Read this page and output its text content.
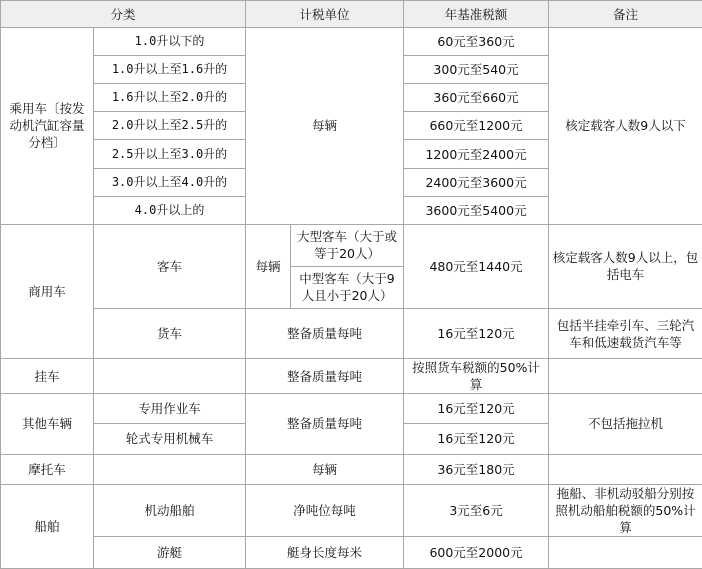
分类		计税单位		年基准税额	备注
乘用车〔按发动机汽缸容量分档〕	1.0升以下的	每辆		60元至360元	核定载客人数9人以下
	1.0升以上至1.6升的			300元至540元	
	1.6升以上至2.0升的			360元至660元	
	2.0升以上至2.5升的			660元至1200元	
	2.5升以上至3.0升的			1200元至2400元	
	3.0升以上至4.0升的			2400元至3600元	
	4.0升以上的			3600元至5400元	
商用车	客车	每辆	大型客车（大于或等于20人）	480元至1440元	核定载客人数9人以上，包括电车
			中型客车（大于9人且小于20人）		
	货车	整备质量每吨		16元至120元	包括半挂牵引车、三轮汽车和低速载货汽车等
挂车		整备质量每吨		按照货车税额的50%计算	
其他车辆	专用作业车	整备质量每吨		16元至120元	不包括拖拉机
	轮式专用机械车			16元至120元	
摩托车		每辆		36元至180元	
船舶	机动船舶	净吨位每吨		3元至6元	拖船、非机动驳船分别按照机动船舶税额的50%计算
	游艇	艇身长度每米		600元至2000元	
